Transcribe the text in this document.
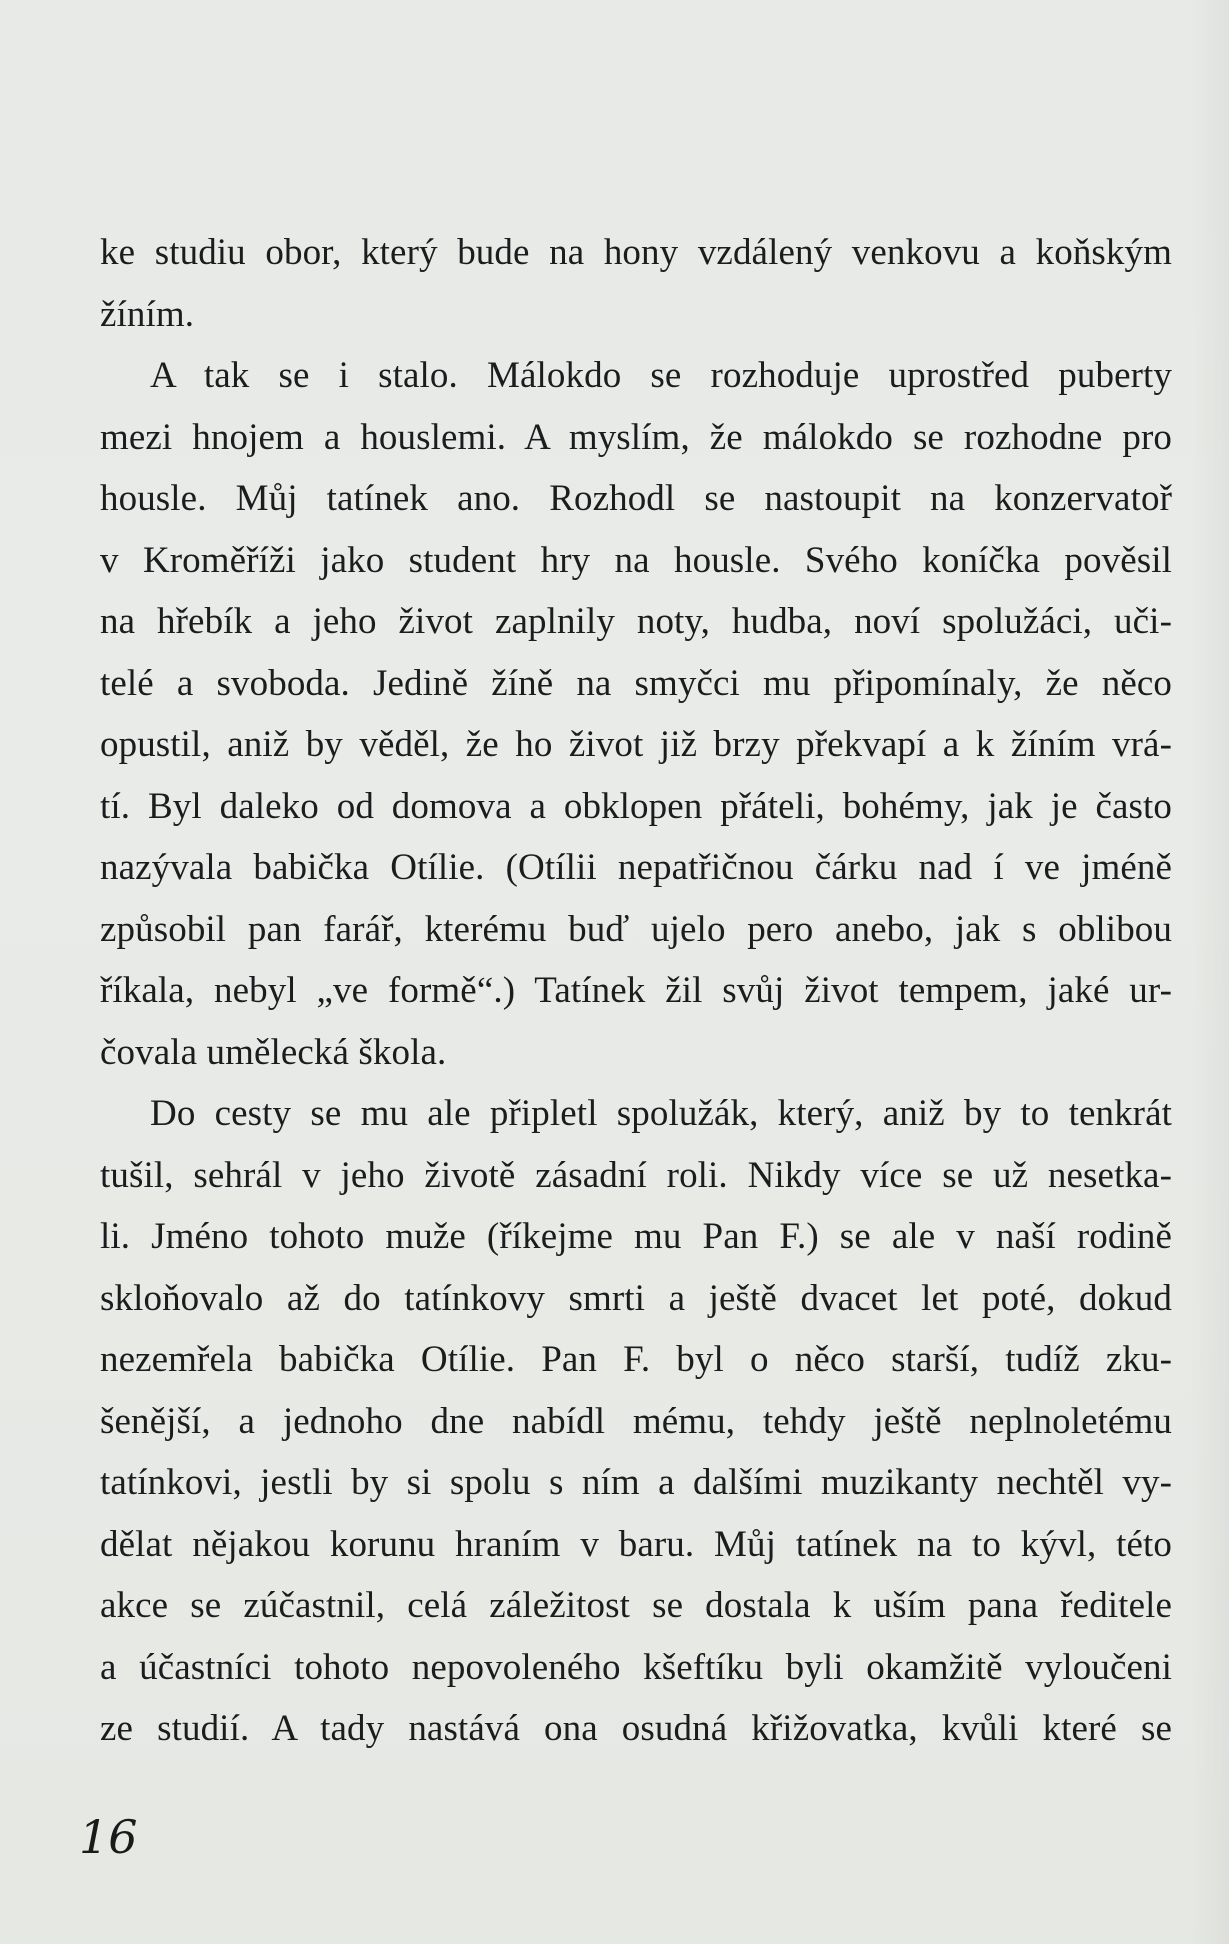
ke studiu obor, který bude na hony vzdálený venkovu a koňským
žíním.
A tak se i stalo. Málokdo se rozhoduje uprostřed puberty
mezi hnojem a houslemi. A myslím, že málokdo se rozhodne pro
housle. Můj tatínek ano. Rozhodl se nastoupit na konzervatoř
v Kroměříži jako student hry na housle. Svého koníčka pověsil
na hřebík a jeho život zaplnily noty, hudba, noví spolužáci, uči-
telé a svoboda. Jedině žíně na smyčci mu připomínaly, že něco
opustil, aniž by věděl, že ho život již brzy překvapí a k žíním vrá-
tí. Byl daleko od domova a obklopen přáteli, bohémy, jak je často
nazývala babička Otílie. (Otílii nepatřičnou čárku nad í ve jméně
způsobil pan farář, kterému buď ujelo pero anebo, jak s oblibou
říkala, nebyl „ve formě“.) Tatínek žil svůj život tempem, jaké ur-
čovala umělecká škola.
Do cesty se mu ale připletl spolužák, který, aniž by to tenkrát
tušil, sehrál v jeho životě zásadní roli. Nikdy více se už nesetka-
li. Jméno tohoto muže (říkejme mu Pan F.) se ale v naší rodině
skloňovalo až do tatínkovy smrti a ještě dvacet let poté, dokud
nezemřela babička Otílie. Pan F. byl o něco starší, tudíž zku-
šenější, a jednoho dne nabídl mému, tehdy ještě neplnoletému
tatínkovi, jestli by si spolu s ním a dalšími muzikanty nechtěl vy-
dělat nějakou korunu hraním v baru. Můj tatínek na to kývl, této
akce se zúčastnil, celá záležitost se dostala k uším pana ředitele
a účastníci tohoto nepovoleného kšeftíku byli okamžitě vyloučeni
ze studií. A tady nastává ona osudná křižovatka, kvůli které se
16
